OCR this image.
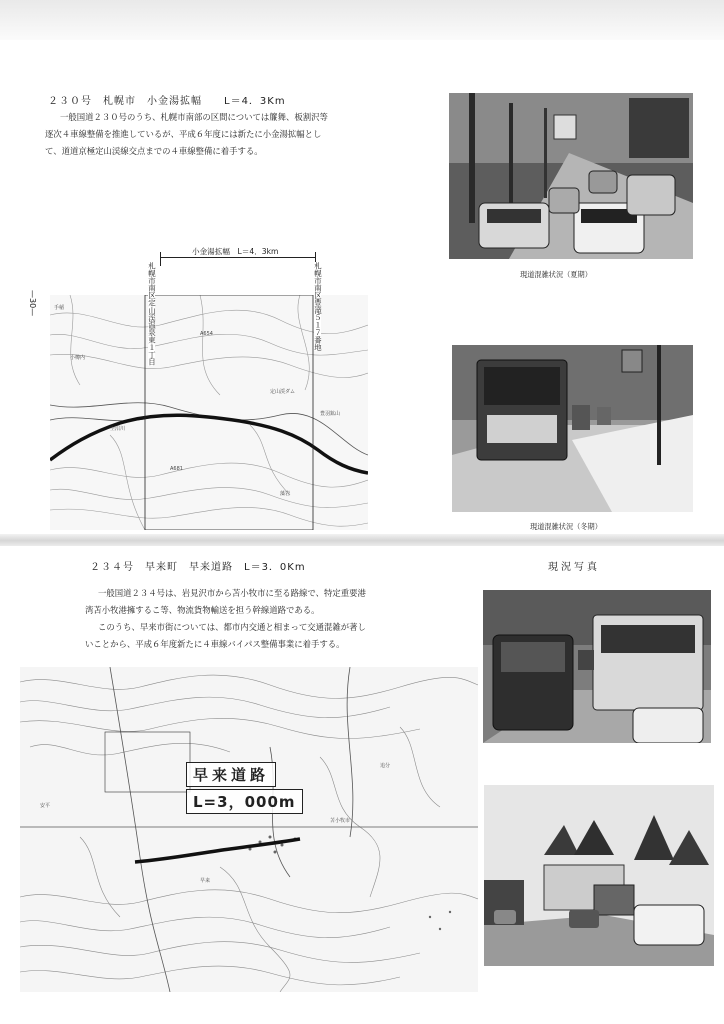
２３０号　札幌市　小金湯拡幅　　L＝4．3Km
一般国道２３０号のうち、札幌市南部の区間については簾舞、板割沢等
逐次４車線整備を推進しているが、平成６年度には新たに小金湯拡幅とし
て、道道京極定山渓線交点までの４車線整備に着手する。
—30—	手稲
A654
小樽内
定山渓ダム
空沼川
A681
豊羽鉱山
藻岩
小金湯拡幅　L＝4．3km
札幌市南区定山渓温泉東１丁目	札幌市南区豊滝５１７番地	現道混雑状況（夏期）
現道混雑状況（冬期）
２３４号　早来町　早来道路　L＝3．0Km	現況写真
一般国道２３４号は、岩見沢市から苫小牧市に至る路線で、特定重要港
湾苫小牧港擁するこ等、物流貨物輸送を担う幹線道路である。
このうち、早来市街については、都市内交通と相まって交通混雑が著し
いことから、平成６年度新たに４車線バイパス整備事業に着手する。
苫小牧市
安平
早来
追分
早来道路
L=3，000m
